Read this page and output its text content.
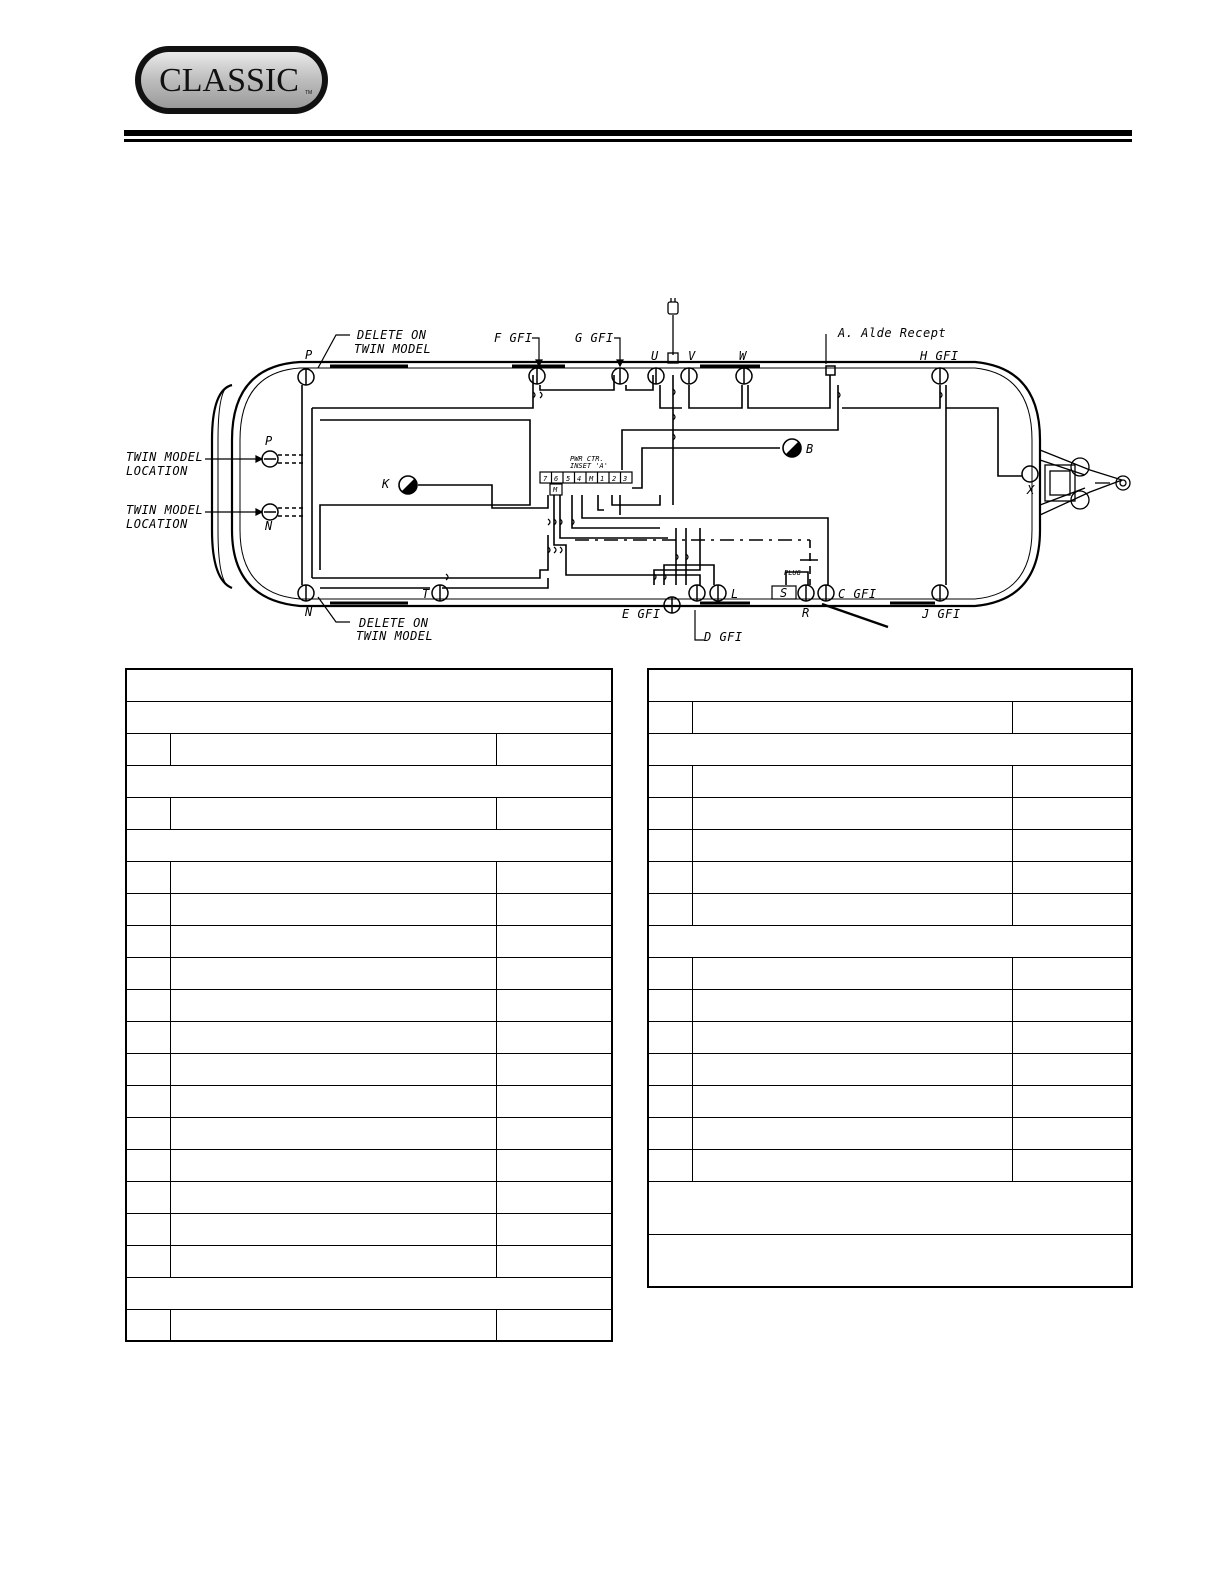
CLASSIC TM
DELETE ON
TWIN MODEL
DELETE ON
TWIN MODEL
TWIN MODEL
LOCATION
TWIN MODEL
LOCATION
F GFI	G GFI	A. Alde Recept
H GFI
C GFI
J GFI
E GFI
D GFI
P
P
N
N
U V	W
K
B
X
T	L
R
PWR CTR.
INSET 'A'
7 6 5 4 M 1 2 3
M
PLUG
S
